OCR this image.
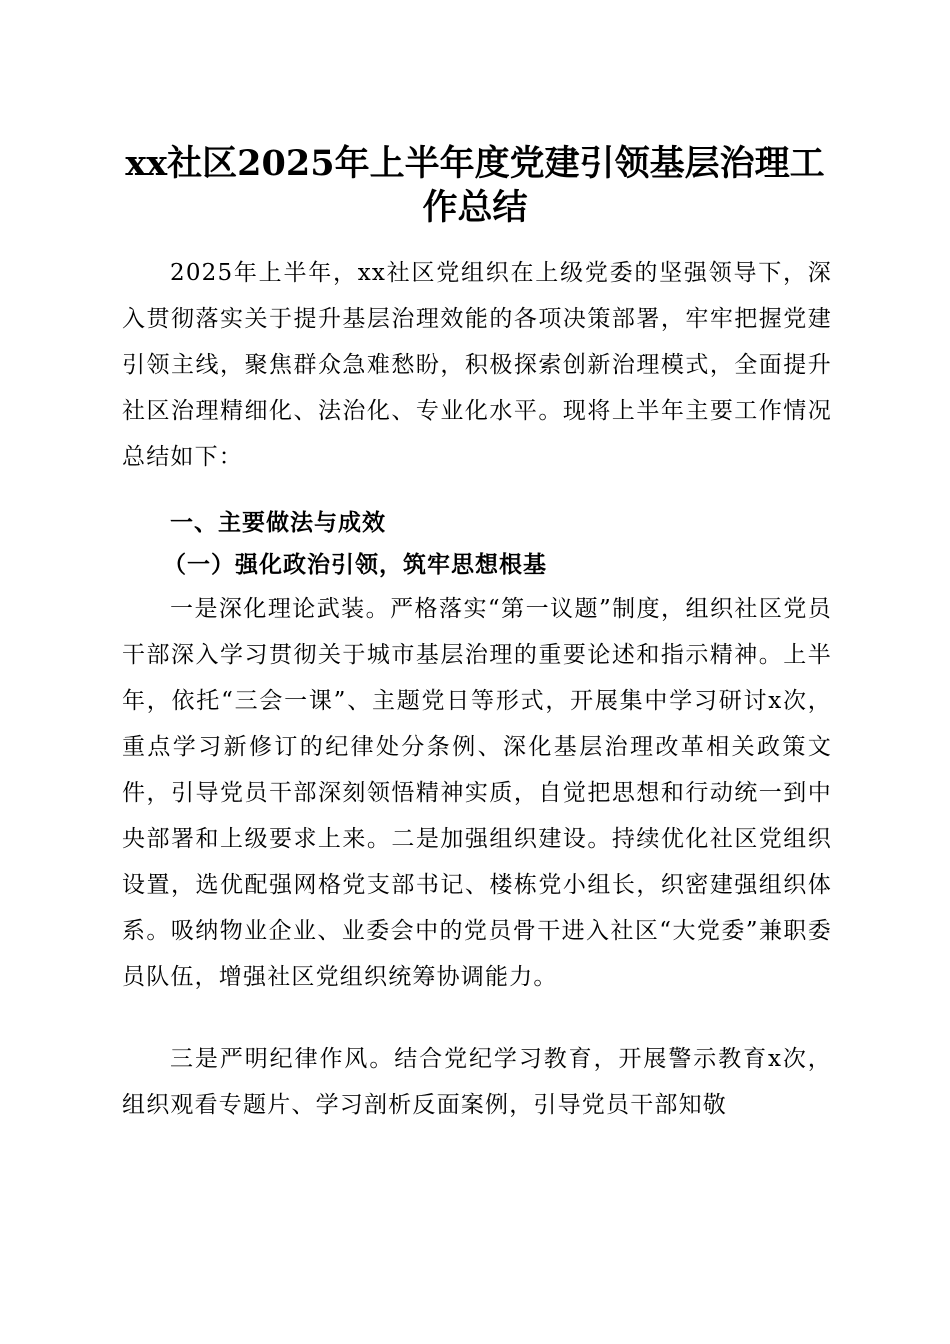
xx社区2025年上半年度党建引领基层治理工
作总结

2025年上半年，xx社区党组织在上级党委的坚强领导下，深入贯彻落实关于提升基层治理效能的各项决策部署，牢牢把握党建引领主线，聚焦群众急难愁盼，积极探索创新治理模式，全面提升社区治理精细化、法治化、专业化水平。现将上半年主要工作情况总结如下：

一、主要做法与成效
（一）强化政治引领，筑牢思想根基

一是深化理论武装。严格落实“第一议题”制度，组织社区党员干部深入学习贯彻关于城市基层治理的重要论述和指示精神。上半年，依托“三会一课”、主题党日等形式，开展集中学习研讨x次，重点学习新修订的纪律处分条例、深化基层治理改革相关政策文件，引导党员干部深刻领悟精神实质，自觉把思想和行动统一到中央部署和上级要求上来。二是加强组织建设。持续优化社区党组织设置，选优配强网格党支部书记、楼栋党小组长，织密建强组织体系。吸纳物业企业、业委会中的党员骨干进入社区“大党委”兼职委员队伍，增强社区党组织统筹协调能力。

三是严明纪律作风。结合党纪学习教育，开展警示教育x次，组织观看专题片、学习剖析反面案例，引导党员干部知敬
